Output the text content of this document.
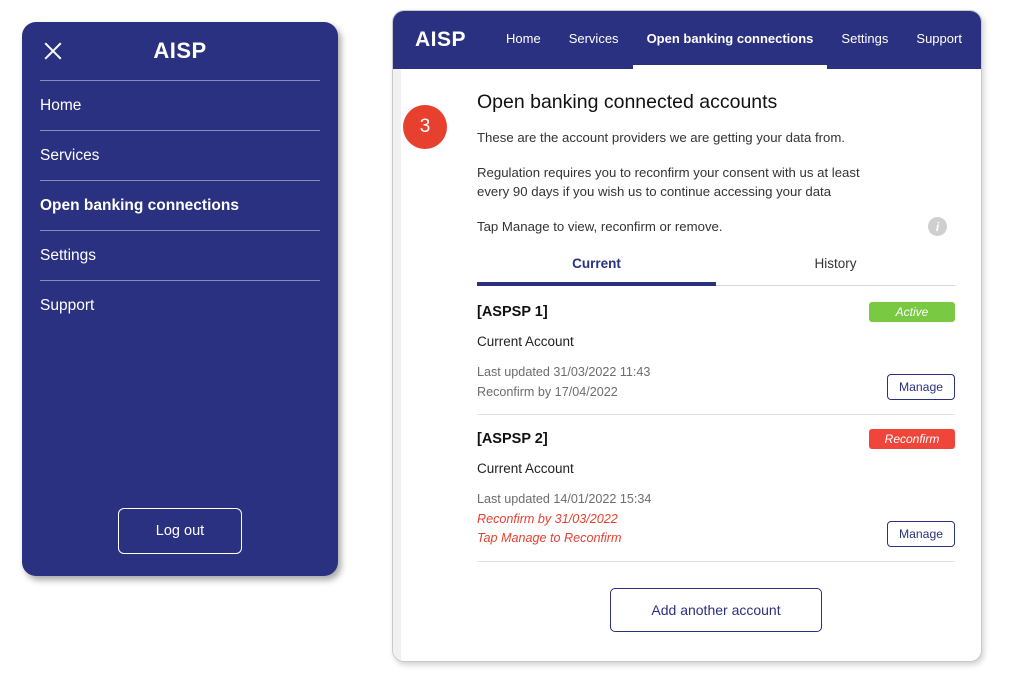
AISP
Home
Services
Open banking connections
Settings
Support
Log out
AISP	Home Services Open banking connections Settings Support
3
Open banking connected accounts

These are the account providers we are getting your data from.

Regulation requires you to reconfirm your consent with us at least every 90 days if you wish us to continue accessing your data

Tap Manage to view, reconfirm or remove.	i
Current	History
[ASPSP 1]
Current Account
Last updated 31/03/2022 11:43
Reconfirm by 17/04/2022
Active
Manage
[ASPSP 2]
Current Account
Last updated 14/01/2022 15:34
Reconfirm by 31/03/2022
Tap Manage to Reconfirm
Reconfirm
Manage
Add another account
